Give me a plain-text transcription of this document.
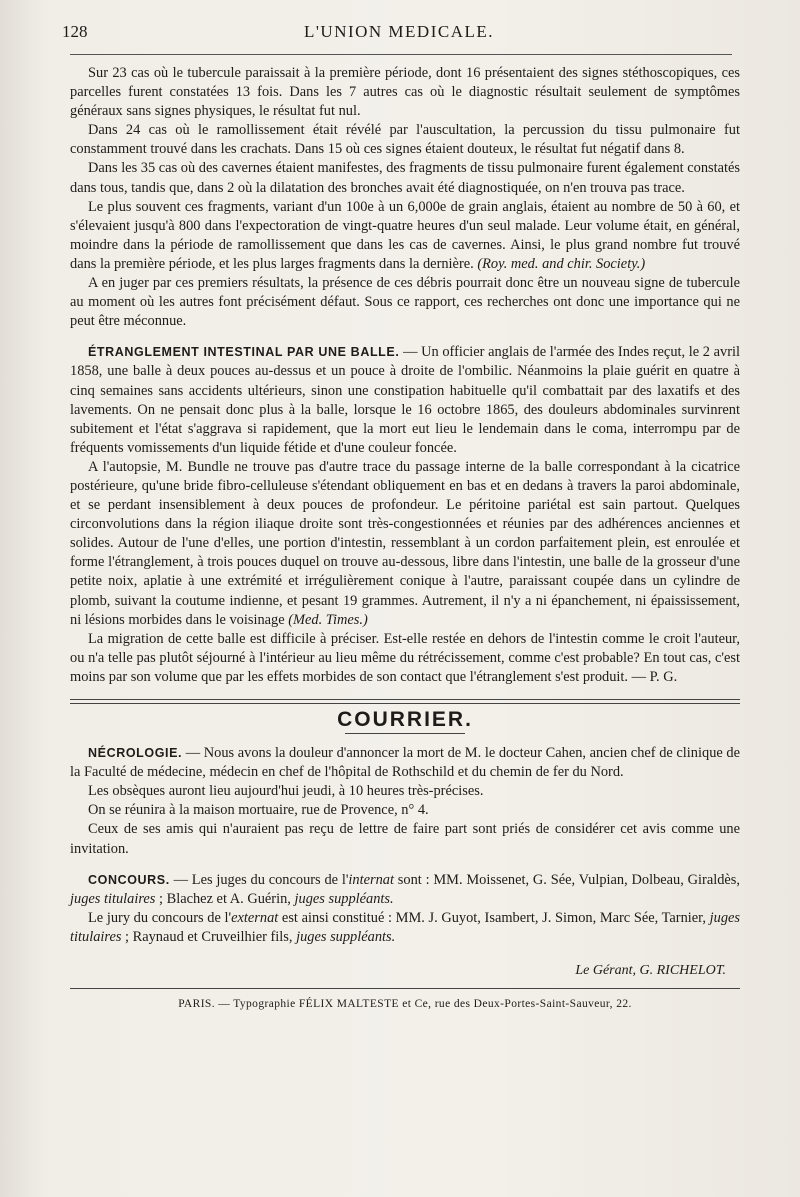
128	L'UNION MEDICALE.

Sur 23 cas où le tubercule paraissait à la première période, dont 16 présentaient des signes stéthoscopiques, ces parcelles furent constatées 13 fois. Dans les 7 autres cas où le diagnostic résultait seulement de symptômes généraux sans signes physiques, le résultat fut nul.

Dans 24 cas où le ramollissement était révélé par l'auscultation, la percussion du tissu pulmonaire fut constamment trouvé dans les crachats. Dans 15 où ces signes étaient douteux, le résultat fut négatif dans 8.

Dans les 35 cas où des cavernes étaient manifestes, des fragments de tissu pulmonaire furent également constatés dans tous, tandis que, dans 2 où la dilatation des bronches avait été diagnostiquée, on n'en trouva pas trace.

Le plus souvent ces fragments, variant d'un 100e à un 6,000e de grain anglais, étaient au nombre de 50 à 60, et s'élevaient jusqu'à 800 dans l'expectoration de vingt-quatre heures d'un seul malade. Leur volume était, en général, moindre dans la période de ramollissement que dans les cas de cavernes. Ainsi, le plus grand nombre fut trouvé dans la première période, et les plus larges fragments dans la dernière. (Roy. med. and chir. Society.)

A en juger par ces premiers résultats, la présence de ces débris pourrait donc être un nouveau signe de tubercule au moment où les autres font précisément défaut. Sous ce rapport, ces recherches ont donc une importance qui ne peut être méconnue.

ÉTRANGLEMENT INTESTINAL PAR UNE BALLE. — Un officier anglais de l'armée des Indes reçut, le 2 avril 1858, une balle à deux pouces au-dessus et un pouce à droite de l'ombilic. Néanmoins la plaie guérit en quatre à cinq semaines sans accidents ultérieurs, sinon une constipation habituelle qu'il combattait par des laxatifs et des lavements. On ne pensait donc plus à la balle, lorsque le 16 octobre 1865, des douleurs abdominales survinrent subitement et l'état s'aggrava si rapidement, que la mort eut lieu le lendemain dans le coma, interrompu par de fréquents vomissements d'un liquide fétide et d'une couleur foncée.

A l'autopsie, M. Bundle ne trouve pas d'autre trace du passage interne de la balle correspondant à la cicatrice postérieure, qu'une bride fibro-celluleuse s'étendant obliquement en bas et en dedans à travers la paroi abdominale, et se perdant insensiblement à deux pouces de profondeur. Le péritoine pariétal est sain partout. Quelques circonvolutions dans la région iliaque droite sont très-congestionnées et réunies par des adhérences anciennes et solides. Autour de l'une d'elles, une portion d'intestin, ressemblant à un cordon parfaitement plein, est enroulée et forme l'étranglement, à trois pouces duquel on trouve au-dessous, libre dans l'intestin, une balle de la grosseur d'une petite noix, aplatie à une extrémité et irrégulièrement conique à l'autre, paraissant coupée dans un cylindre de plomb, suivant la coutume indienne, et pesant 19 grammes. Autrement, il n'y a ni épanchement, ni épaississement, ni lésions morbides dans le voisinage (Med. Times.)

La migration de cette balle est difficile à préciser. Est-elle restée en dehors de l'intestin comme le croit l'auteur, ou n'a telle pas plutôt séjourné à l'intérieur au lieu même du rétrécissement, comme c'est probable? En tout cas, c'est moins par son volume que par les effets morbides de son contact que l'étranglement s'est produit. — P. G.

COURRIER.

NÉCROLOGIE. — Nous avons la douleur d'annoncer la mort de M. le docteur Cahen, ancien chef de clinique de la Faculté de médecine, médecin en chef de l'hôpital de Rothschild et du chemin de fer du Nord.

Les obsèques auront lieu aujourd'hui jeudi, à 10 heures très-précises.

On se réunira à la maison mortuaire, rue de Provence, n° 4.

Ceux de ses amis qui n'auraient pas reçu de lettre de faire part sont priés de considérer cet avis comme une invitation.

CONCOURS. — Les juges du concours de l'internat sont : MM. Moissenet, G. Sée, Vulpian, Dolbeau, Giraldès, juges titulaires ; Blachez et A. Guérin, juges suppléants.

Le jury du concours de l'externat est ainsi constitué : MM. J. Guyot, Isambert, J. Simon, Marc Sée, Tarnier, juges titulaires ; Raynaud et Cruveilhier fils, juges suppléants.

Le Gérant, G. RICHELOT.
PARIS. — Typographie FÉLIX MALTESTE et Ce, rue des Deux-Portes-Saint-Sauveur, 22.
